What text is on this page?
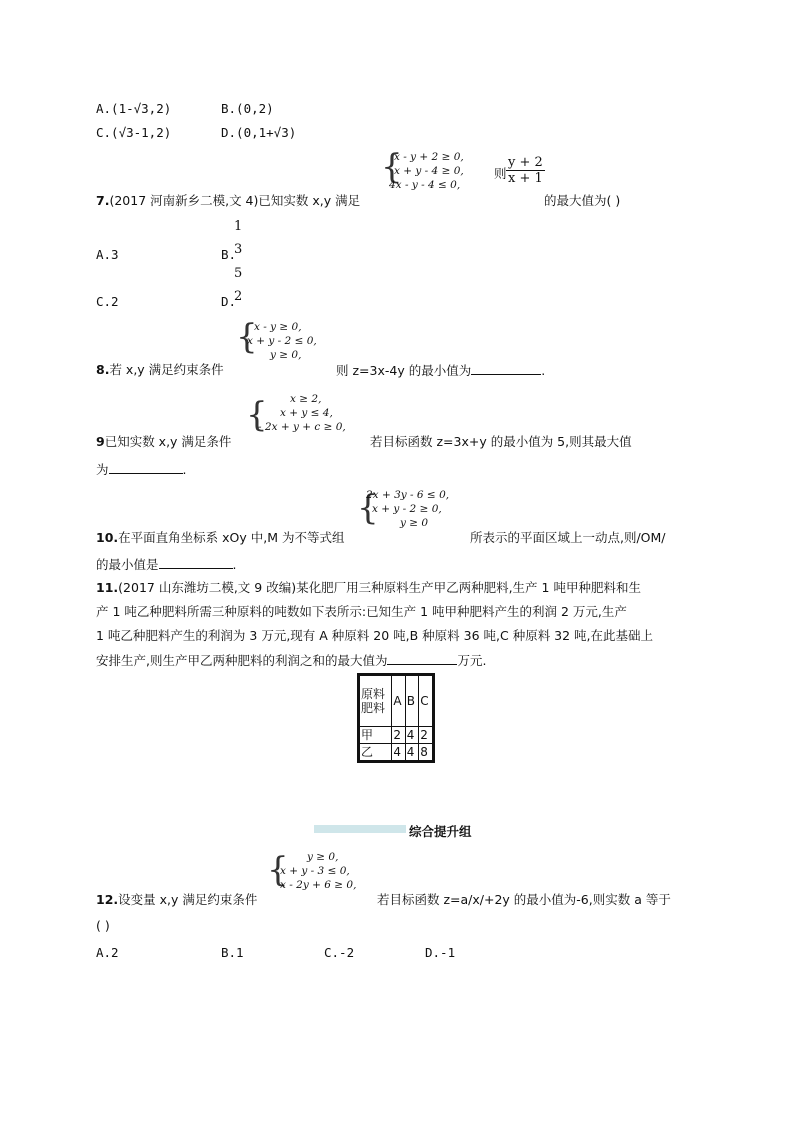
A.(1-√3,2)	B.(0,2)
C.(√3-1,2)	D.(0,1+√3)
{
x - y + 2 ≥ 0,
x + y - 4 ≥ 0,
4x - y - 4 ≤ 0,
则 $\frac{y + 2}{x + 1}$
7.(2017 河南新乡二模,文 4)已知实数 x,y 满足	的最大值为( )
A.3	B.
1
3
5
C.2	D.
2
{
x - y ≥ 0,
x + y - 2 ≤ 0,
y ≥ 0,
8.若 x,y 满足约束条件	则 z=3x-4y 的最小值为	.
{ x ≥ 2,
x + y ≤ 4,
- 2x + y + c ≥ 0,
9已知实数 x,y 满足条件	若目标函数 z=3x+y 的最小值为 5,则其最大值
为	.
{
2x + 3y - 6 ≤ 0,
x + y - 2 ≥ 0,
y ≥ 0
10.在平面直角坐标系 xOy 中,M 为不等式组	所表示的平面区域上一动点,则/OM/
的最小值是	.
11.(2017 山东潍坊二模,文 9 改编)某化肥厂用三种原料生产甲乙两种肥料,生产 1 吨甲种肥料和生
产 1 吨乙种肥料所需三种原料的吨数如下表所示:已知生产 1 吨甲种肥料产生的利润 2 万元,生产
1 吨乙种肥料产生的利润为 3 万元,现有 A 种原料 20 吨,B 种原料 36 吨,C 种原料 32 吨,在此基础上
安排生产,则生产甲乙两种肥料的利润之和的最大值为	万元.
原料
肥料	A	B	C
甲	2	4	2
乙	4	4	8
综合提升组
{ y ≥ 0,
x + y - 3 ≤ 0,
x - 2y + 6 ≥ 0,
12.设变量 x,y 满足约束条件	若目标函数 z=a/x/+2y 的最小值为-6,则实数 a 等于
( )
A.2	B.1	C.-2	D.-1
